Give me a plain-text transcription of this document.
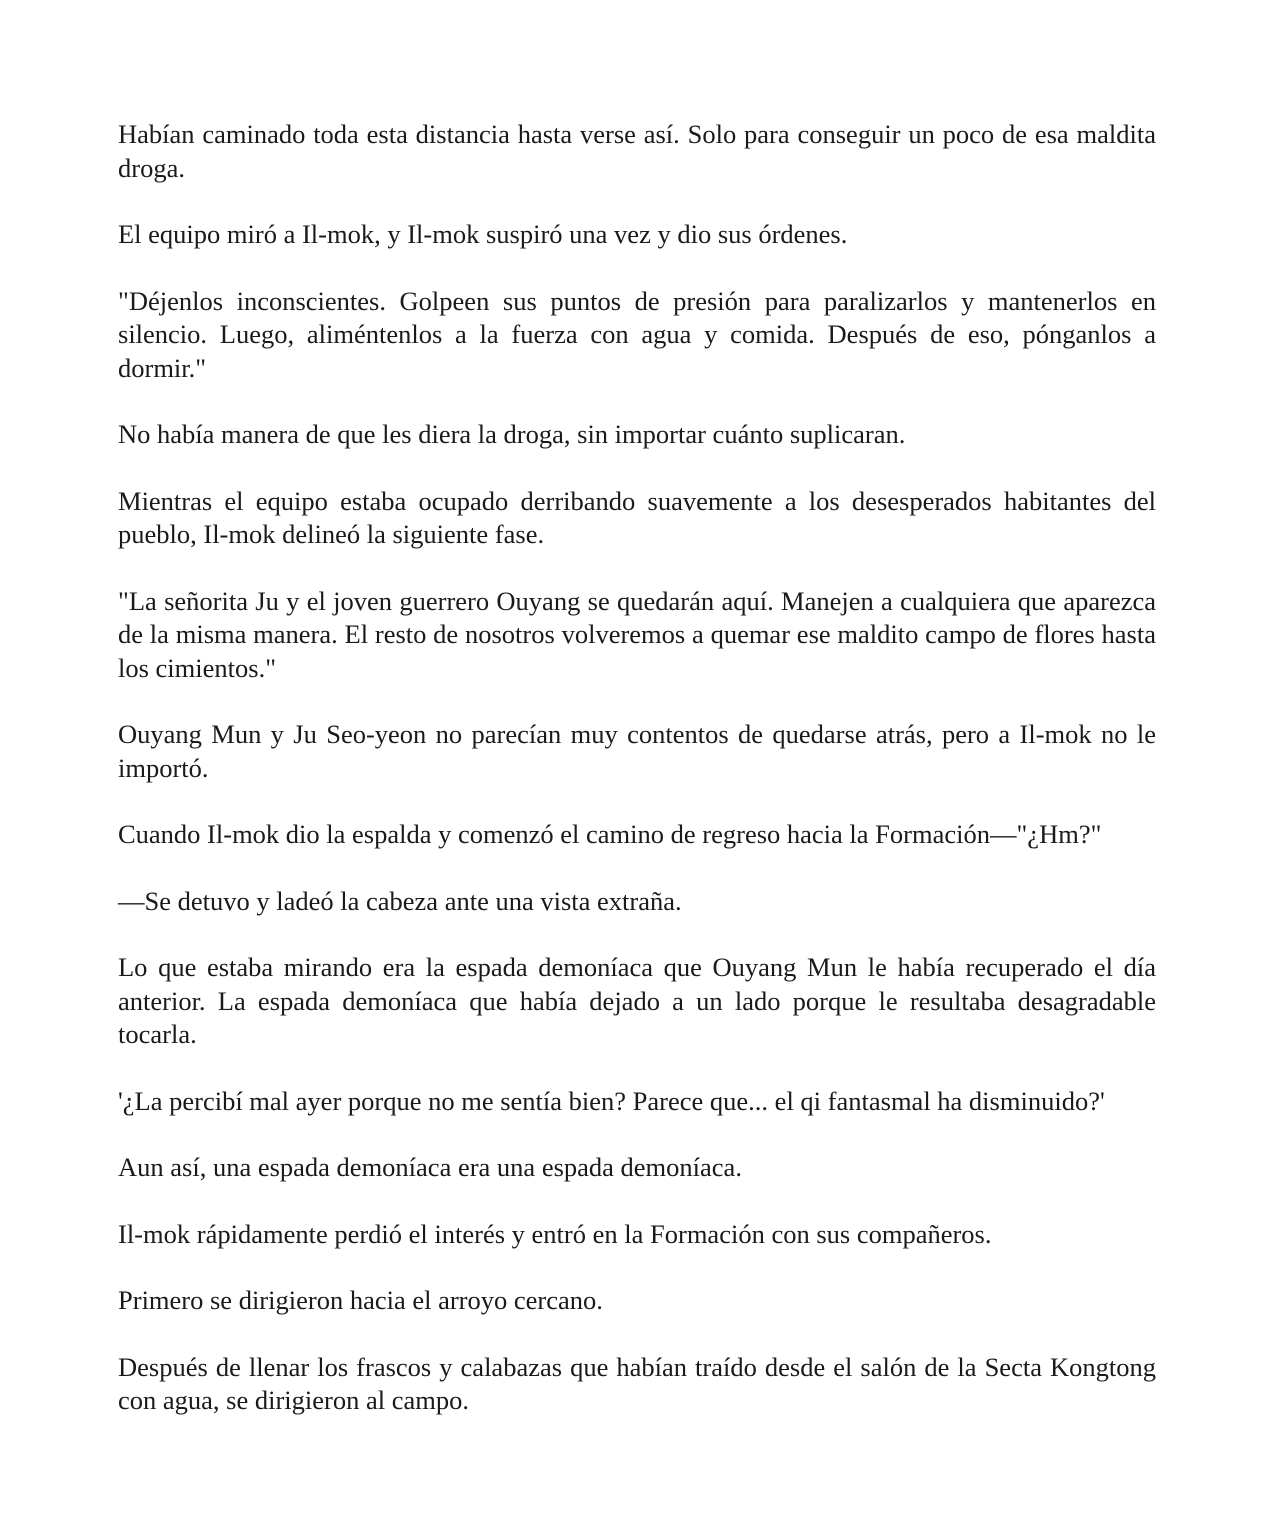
Habían caminado toda esta distancia hasta verse así. Solo para conseguir un poco de esa maldita droga.

El equipo miró a Il-mok, y Il-mok suspiró una vez y dio sus órdenes.

"Déjenlos inconscientes. Golpeen sus puntos de presión para paralizarlos y mantenerlos en silencio. Luego, aliméntenlos a la fuerza con agua y comida. Después de eso, pónganlos a dormir."

No había manera de que les diera la droga, sin importar cuánto suplicaran.

Mientras el equipo estaba ocupado derribando suavemente a los desesperados habitantes del pueblo, Il-mok delineó la siguiente fase.

"La señorita Ju y el joven guerrero Ouyang se quedarán aquí. Manejen a cualquiera que aparezca de la misma manera. El resto de nosotros volveremos a quemar ese maldito campo de flores hasta los cimientos."

Ouyang Mun y Ju Seo-yeon no parecían muy contentos de quedarse atrás, pero a Il-mok no le importó.

Cuando Il-mok dio la espalda y comenzó el camino de regreso hacia la Formación—"¿Hm?"

—Se detuvo y ladeó la cabeza ante una vista extraña.

Lo que estaba mirando era la espada demoníaca que Ouyang Mun le había recuperado el día anterior. La espada demoníaca que había dejado a un lado porque le resultaba desagradable tocarla.

'¿La percibí mal ayer porque no me sentía bien? Parece que... el qi fantasmal ha disminuido?'

Aun así, una espada demoníaca era una espada demoníaca.

Il-mok rápidamente perdió el interés y entró en la Formación con sus compañeros.

Primero se dirigieron hacia el arroyo cercano.

Después de llenar los frascos y calabazas que habían traído desde el salón de la Secta Kongtong con agua, se dirigieron al campo.
